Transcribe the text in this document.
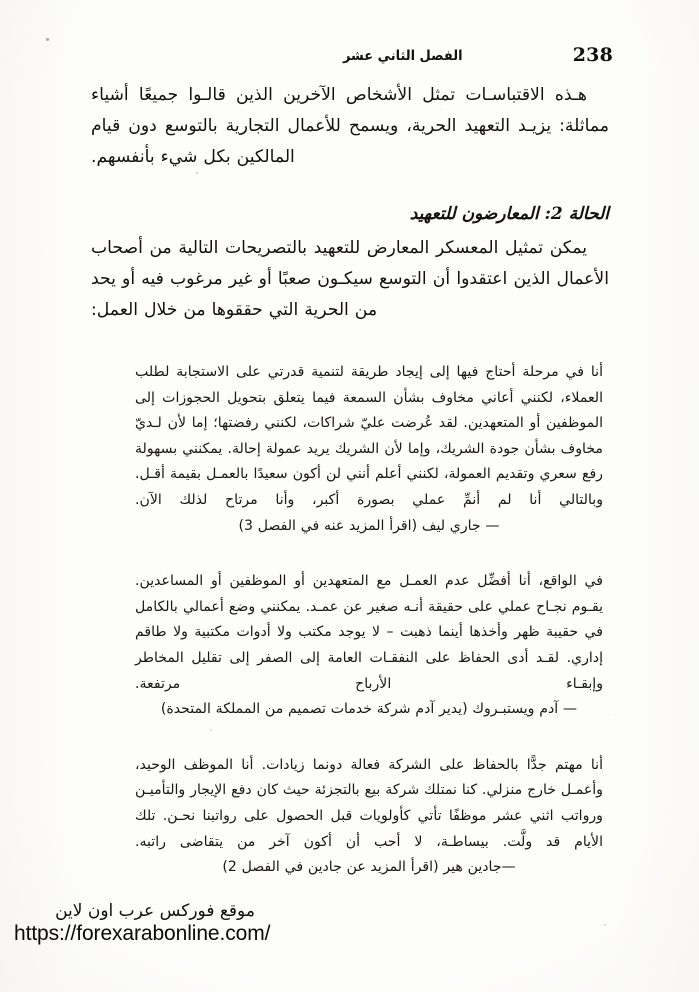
238
الفصل الثاني عشر

هـذه الاقتباسـات تمثل الأشخاص الآخرين الذين قالـوا جميعًا أشياء مماثلة: يزيـد التعهيد الحرية، ويسمح للأعمال التجارية بالتوسع دون قيام المالكين بكل شيء بأنفسهم.

الحالة 2: المعارضون للتعهيد

يمكن تمثيل المعسكر المعارض للتعهيد بالتصريحات التالية من أصحاب الأعمال الذين اعتقدوا أن التوسع سيكـون صعبًا أو غير مرغوب فيه أو يحد من الحرية التي حققوها من خلال العمل:

أنا في مرحلة أحتاج فيها إلى إيجاد طريقة لتنمية قدرتي على الاستجابة لطلب العملاء، لكنني أعاني مخاوف بشأن السمعة فيما يتعلق بتحويل الحجوزات إلى الموظفين أو المتعهدين. لقد عُرضت عليّ شراكات، لكنني رفضتها؛ إما لأن لـديّ مخاوف بشأن جودة الشريك، وإما لأن الشريك يريد عمولة إحالة. يمكنني بسهولة رفع سعري وتقديم العمولة، لكنني أعلم أنني لن أكون سعيدًا بالعمـل بقيمة أقـل. وبالتالي أنا لم أنمِّ عملي بصورة أكبر، وأنا مرتاح لذلك الآن. — جاري ليف (اقرأ المزيد عنه في الفصل 3)
في الواقع، أنا أفضِّل عدم العمـل مع المتعهدين أو الموظفين أو المساعدين. يقـوم نجـاح عملي على حقيقة أنـه صغير عن عمـد. يمكنني وضع أعمالي بالكامل في حقيبة ظهر وأخذها أينما ذهبت – لا يوجد مكتب ولا أدوات مكتبية ولا طاقم إداري. لقـد أدى الحفاظ على النفقـات العامة إلى الصفر إلى تقليل المخاطر وإبقـاء الأرباح مرتفعة. — آدم ويستبـروك (يدير آدم شركة خدمات تصميم من المملكة المتحدة)
أنا مهتم جدًّا بالحفاظ على الشركة فعالة دونما زيادات. أنا الموظف الوحيد، وأعمـل خارج منزلي. كنا نمتلك شركة بيع بالتجزئة حيث كان دفع الإيجار والتأميـن ورواتب اثني عشر موظفًا تأتي كأولويات قبل الحصول على رواتبنا نحـن. تلك الأيام قد ولَّت. بيساطـة، لا أحب أن أكون آخر من يتقاضى راتبه. —جادين هير (اقرأ المزيد عن جادين في الفصل 2)
موقع فوركس عرب اون لاين
https://forexarabonline.com/
